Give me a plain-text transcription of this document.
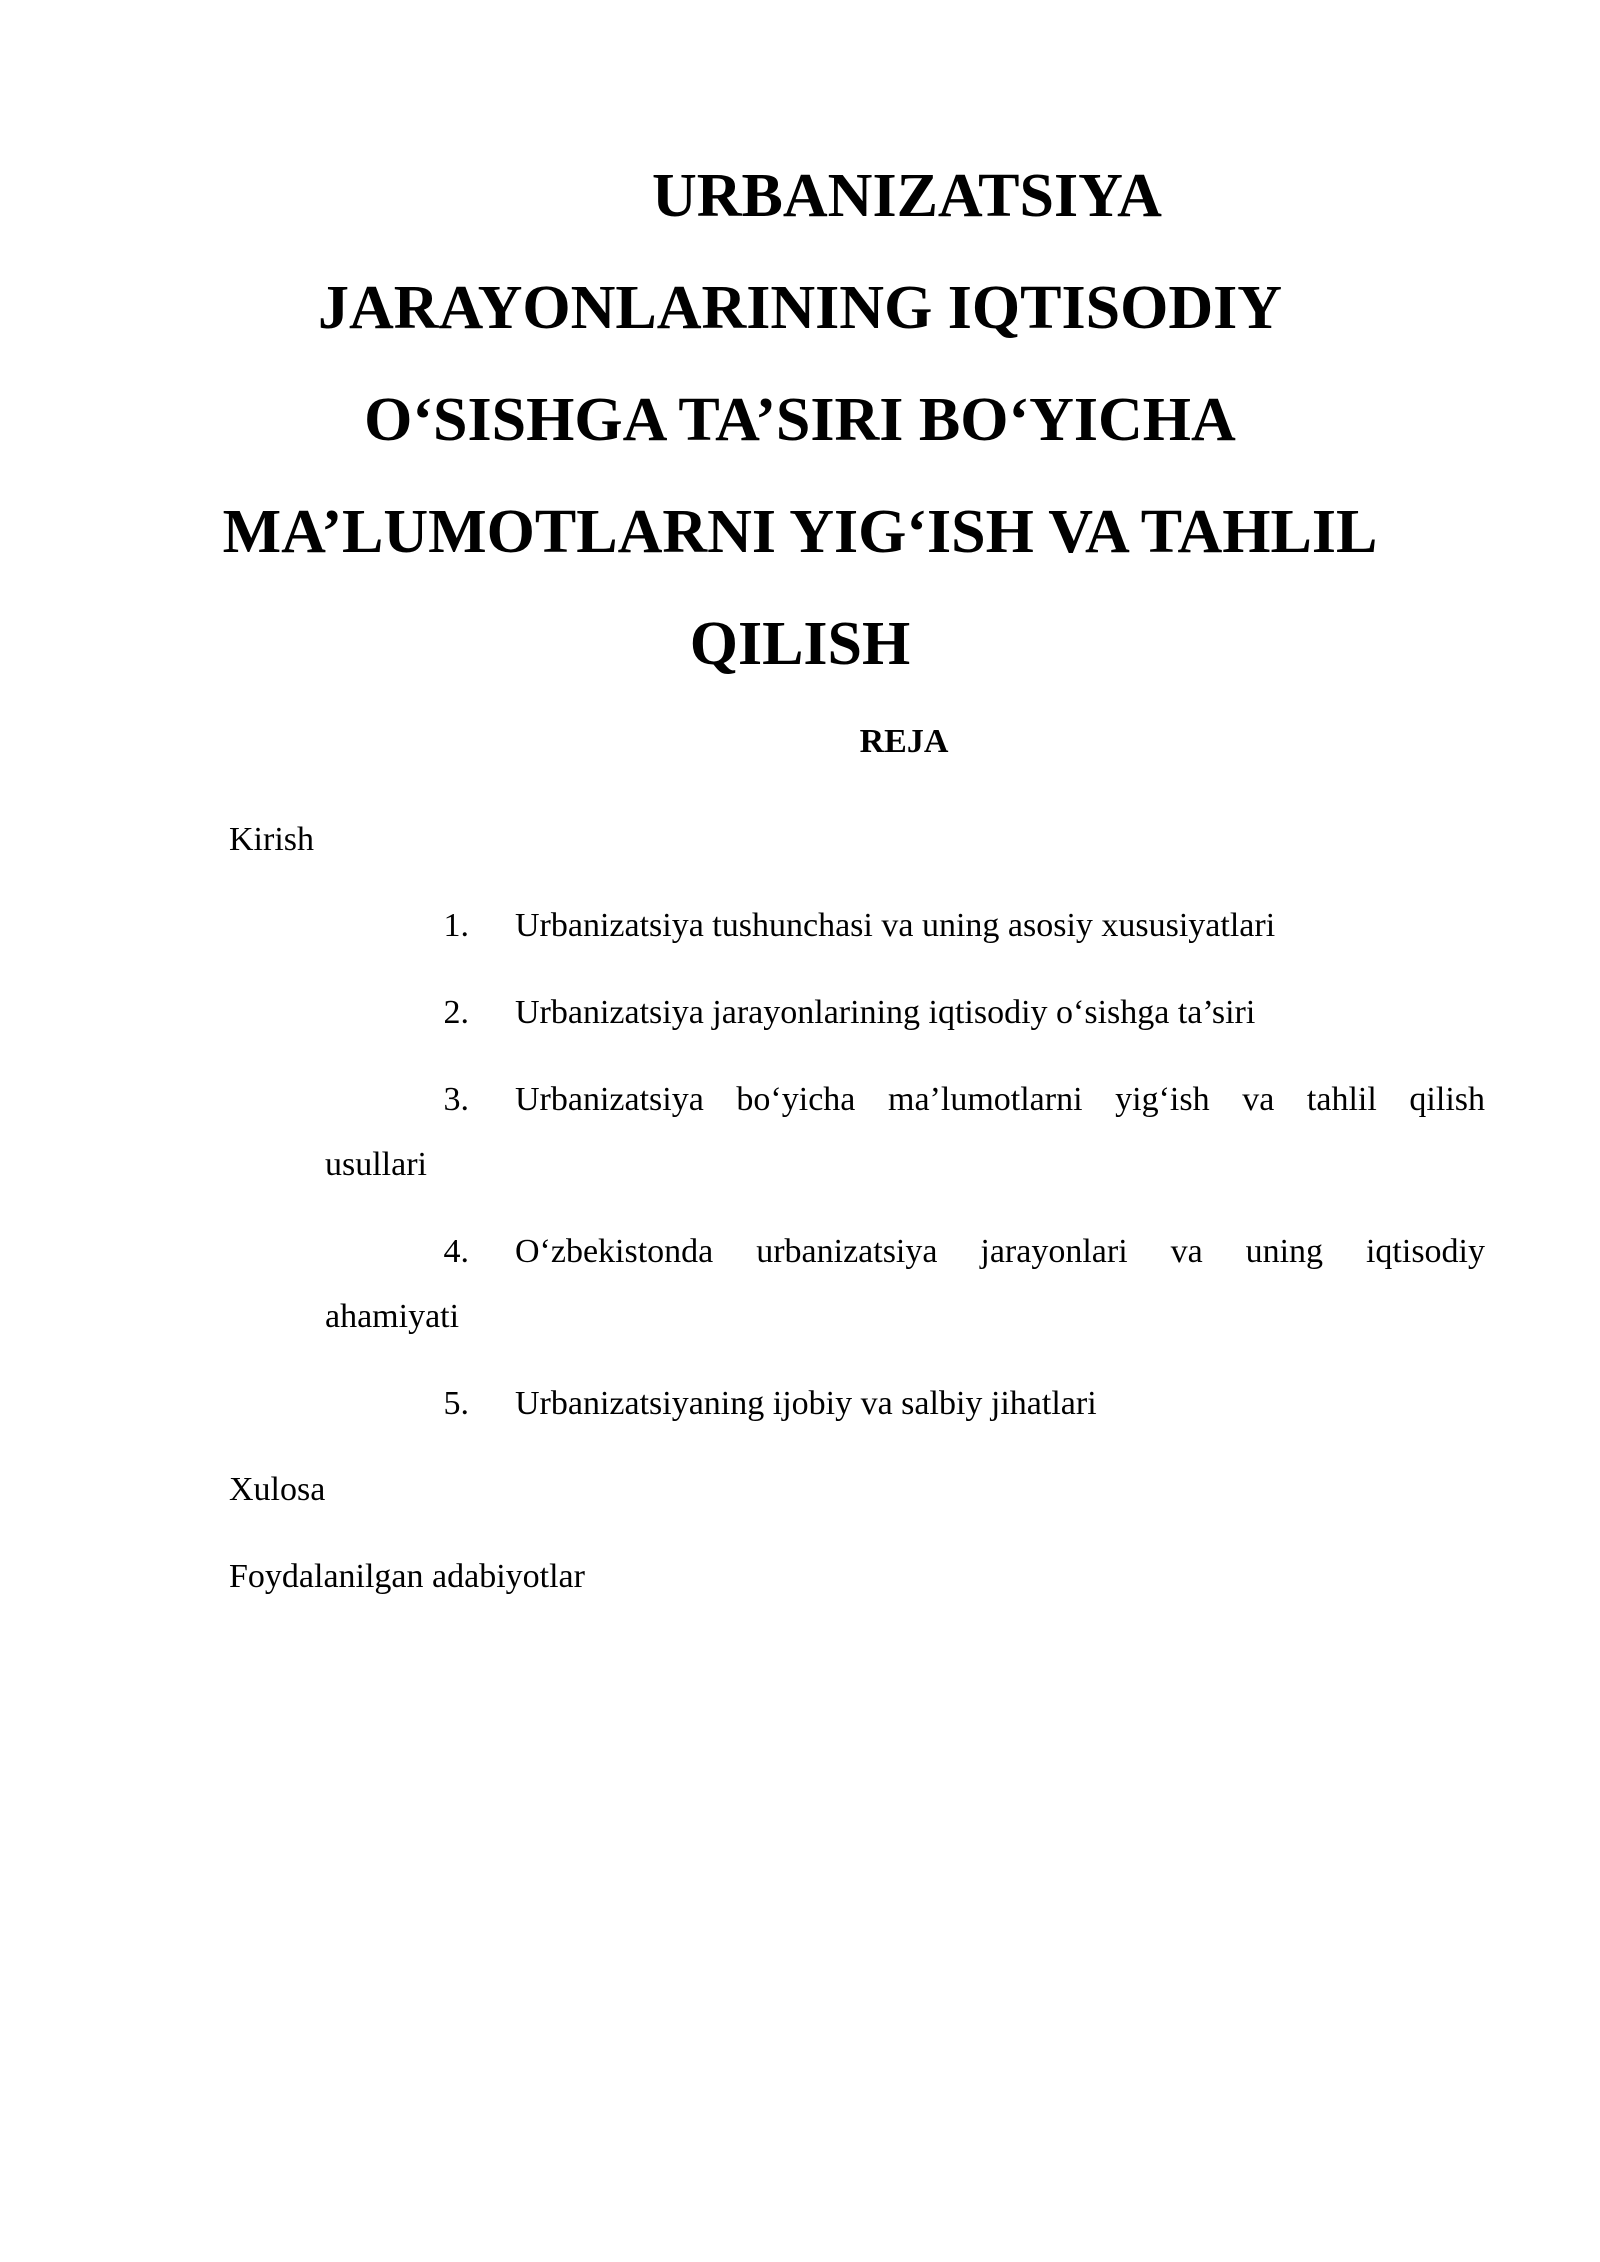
URBANIZATSIYA
JARAYONLARINING IQTISODIY
O‘SISHGA TA’SIRI BO‘YICHA
MA’LUMOTLARNI YIG‘ISH VA TAHLIL
QILISH
REJA
Kirish
1. Urbanizatsiya tushunchasi va uning asosiy xususiyatlari
2. Urbanizatsiya jarayonlarining iqtisodiy o‘sishga ta’siri
3. Urbanizatsiya bo‘yicha ma’lumotlarni yig‘ish va tahlil qilish
usullari
4. O‘zbekistonda urbanizatsiya jarayonlari va uning iqtisodiy
ahamiyati
5. Urbanizatsiyaning ijobiy va salbiy jihatlari
Xulosa
Foydalanilgan adabiyotlar
